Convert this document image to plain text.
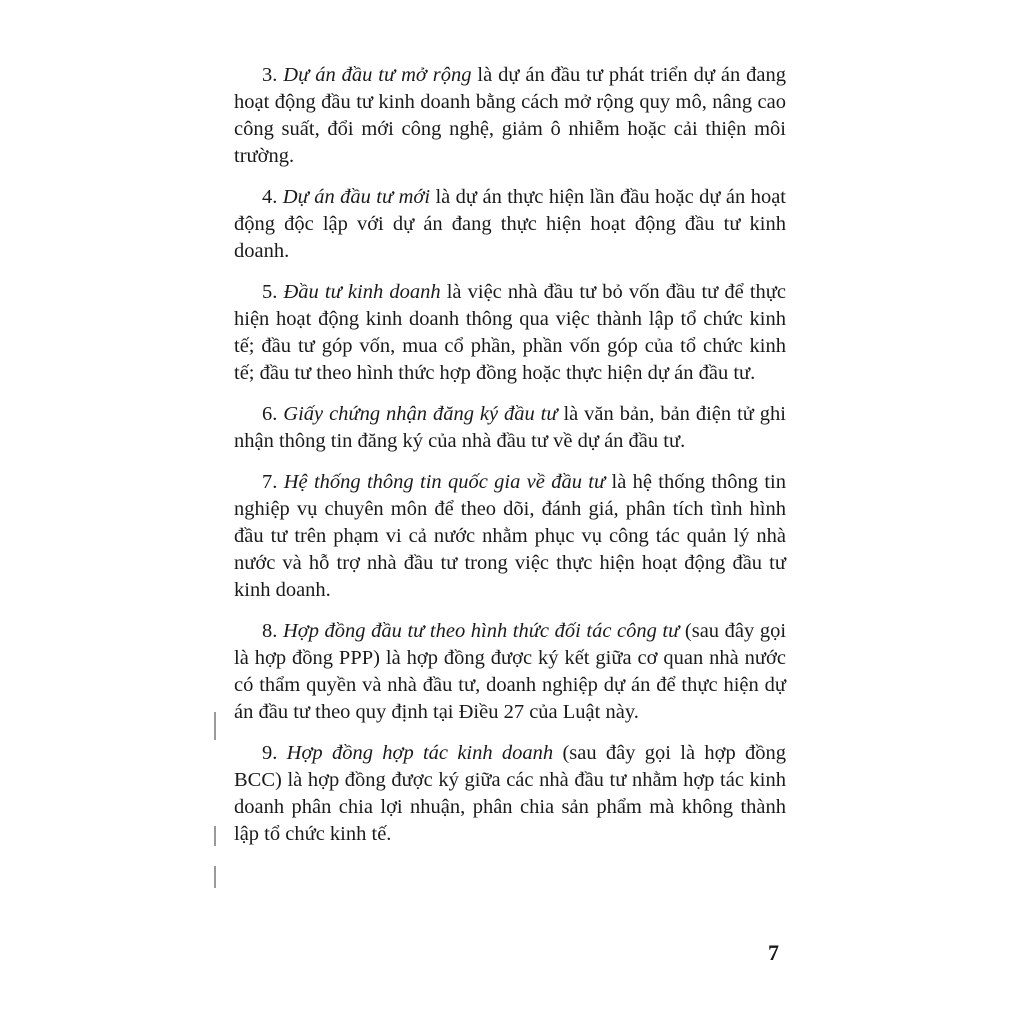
3. Dự án đầu tư mở rộng là dự án đầu tư phát triển dự án đang hoạt động đầu tư kinh doanh bằng cách mở rộng quy mô, nâng cao công suất, đổi mới công nghệ, giảm ô nhiễm hoặc cải thiện môi trường.

4. Dự án đầu tư mới là dự án thực hiện lần đầu hoặc dự án hoạt động độc lập với dự án đang thực hiện hoạt động đầu tư kinh doanh.

5. Đầu tư kinh doanh là việc nhà đầu tư bỏ vốn đầu tư để thực hiện hoạt động kinh doanh thông qua việc thành lập tổ chức kinh tế; đầu tư góp vốn, mua cổ phần, phần vốn góp của tổ chức kinh tế; đầu tư theo hình thức hợp đồng hoặc thực hiện dự án đầu tư.

6. Giấy chứng nhận đăng ký đầu tư là văn bản, bản điện tử ghi nhận thông tin đăng ký của nhà đầu tư về dự án đầu tư.

7. Hệ thống thông tin quốc gia về đầu tư là hệ thống thông tin nghiệp vụ chuyên môn để theo dõi, đánh giá, phân tích tình hình đầu tư trên phạm vi cả nước nhằm phục vụ công tác quản lý nhà nước và hỗ trợ nhà đầu tư trong việc thực hiện hoạt động đầu tư kinh doanh.

8. Hợp đồng đầu tư theo hình thức đối tác công tư (sau đây gọi là hợp đồng PPP) là hợp đồng được ký kết giữa cơ quan nhà nước có thẩm quyền và nhà đầu tư, doanh nghiệp dự án để thực hiện dự án đầu tư theo quy định tại Điều 27 của Luật này.

9. Hợp đồng hợp tác kinh doanh (sau đây gọi là hợp đồng BCC) là hợp đồng được ký giữa các nhà đầu tư nhằm hợp tác kinh doanh phân chia lợi nhuận, phân chia sản phẩm mà không thành lập tổ chức kinh tế.

7
